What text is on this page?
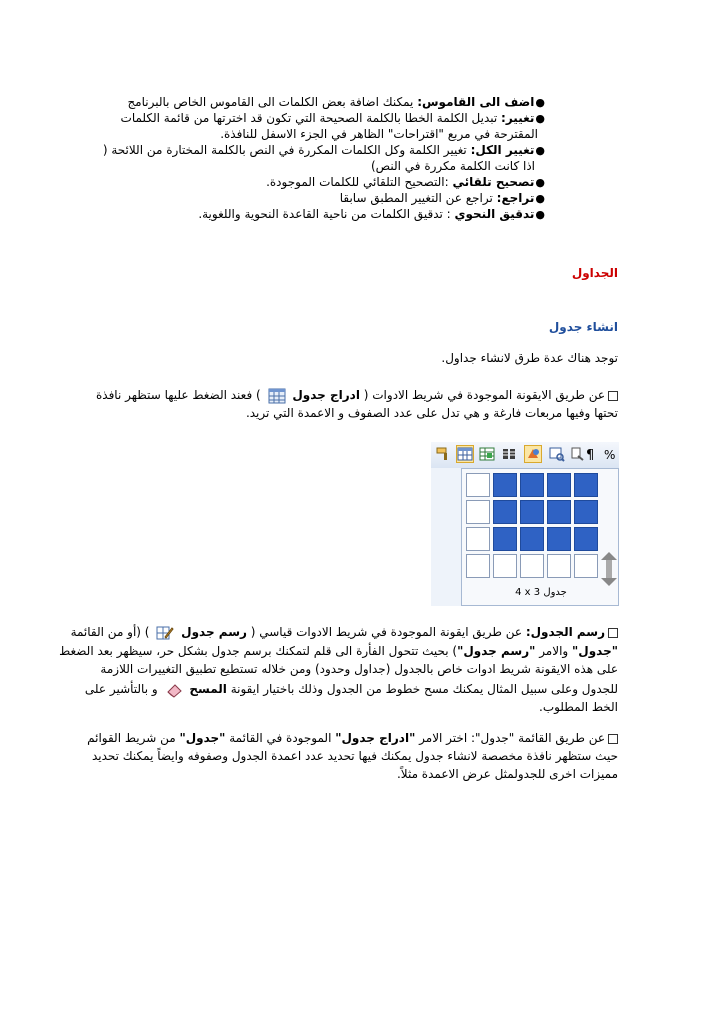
●اضف الى القاموس: يمكنك اضافة بعض الكلمات الى القاموس الخاص بالبرنامج
●تغيير: تبديل الكلمة الخطا بالكلمة الصحيحة التي تكون قد اخترتها من قائمة الكلمات
المقترحة في مربع "اقتراحات" الظاهر في الجزء الاسفل للنافذة.
●تغيير الكل: تغيير الكلمة وكل الكلمات المكررة في النص بالكلمة المختارة من اللائحة (
اذا كانت الكلمة مكررة في النص)
●تصحيح تلقائي :التصحيح التلقائي للكلمات الموجودة.
●تراجع: تراجع عن التغيير المطبق سابقا
●تدقيق النحوي : تدقيق الكلمات من ناحية القاعدة النحوية واللغوية.
الجداول
انشاء جدول
توجد هناك عدة طرق لانشاء جداول.
عن طريق الايقونة الموجودة في شريط الادوات ( ادراج جدول  ) فعند الضغط عليها ستظهر نافذة
تحتها وفيها مربعات فارغة و هي تدل على عدد الصفوف و الاعمدة التي تريد.
¶ %
4 x 3 جدول
رسم الجدول: عن طريق ايقونة الموجودة في شريط الادوات قياسي ( رسم جدول  ) (أو من القائمة
"جدول" والامر "رسم جدول") بحيث تتحول الفأرة الى قلم لتمكنك برسم جدول بشكل حر، سيظهر بعد الضغط
على هذه الايقونة شريط ادوات خاص بالجدول (جداول وحدود) ومن خلاله تستطيع تطبيق التغييرات اللازمة
للجدول وعلى سبيل المثال يمكنك مسح خطوط من الجدول وذلك باختيار ايقونة المسح  و بالتأشير على
الخط المطلوب.
عن طريق القائمة "جدول": اختر الامر "ادراج جدول" الموجودة في القائمة "جدول" من شريط القوائم
حيث ستظهر نافذة مخصصة لانشاء جدول يمكنك فيها تحديد عدد اعمدة الجدول وصفوفه وايضاً يمكنك تحديد
مميزات اخرى للجدولمثل عرض الاعمدة مثلاً.
